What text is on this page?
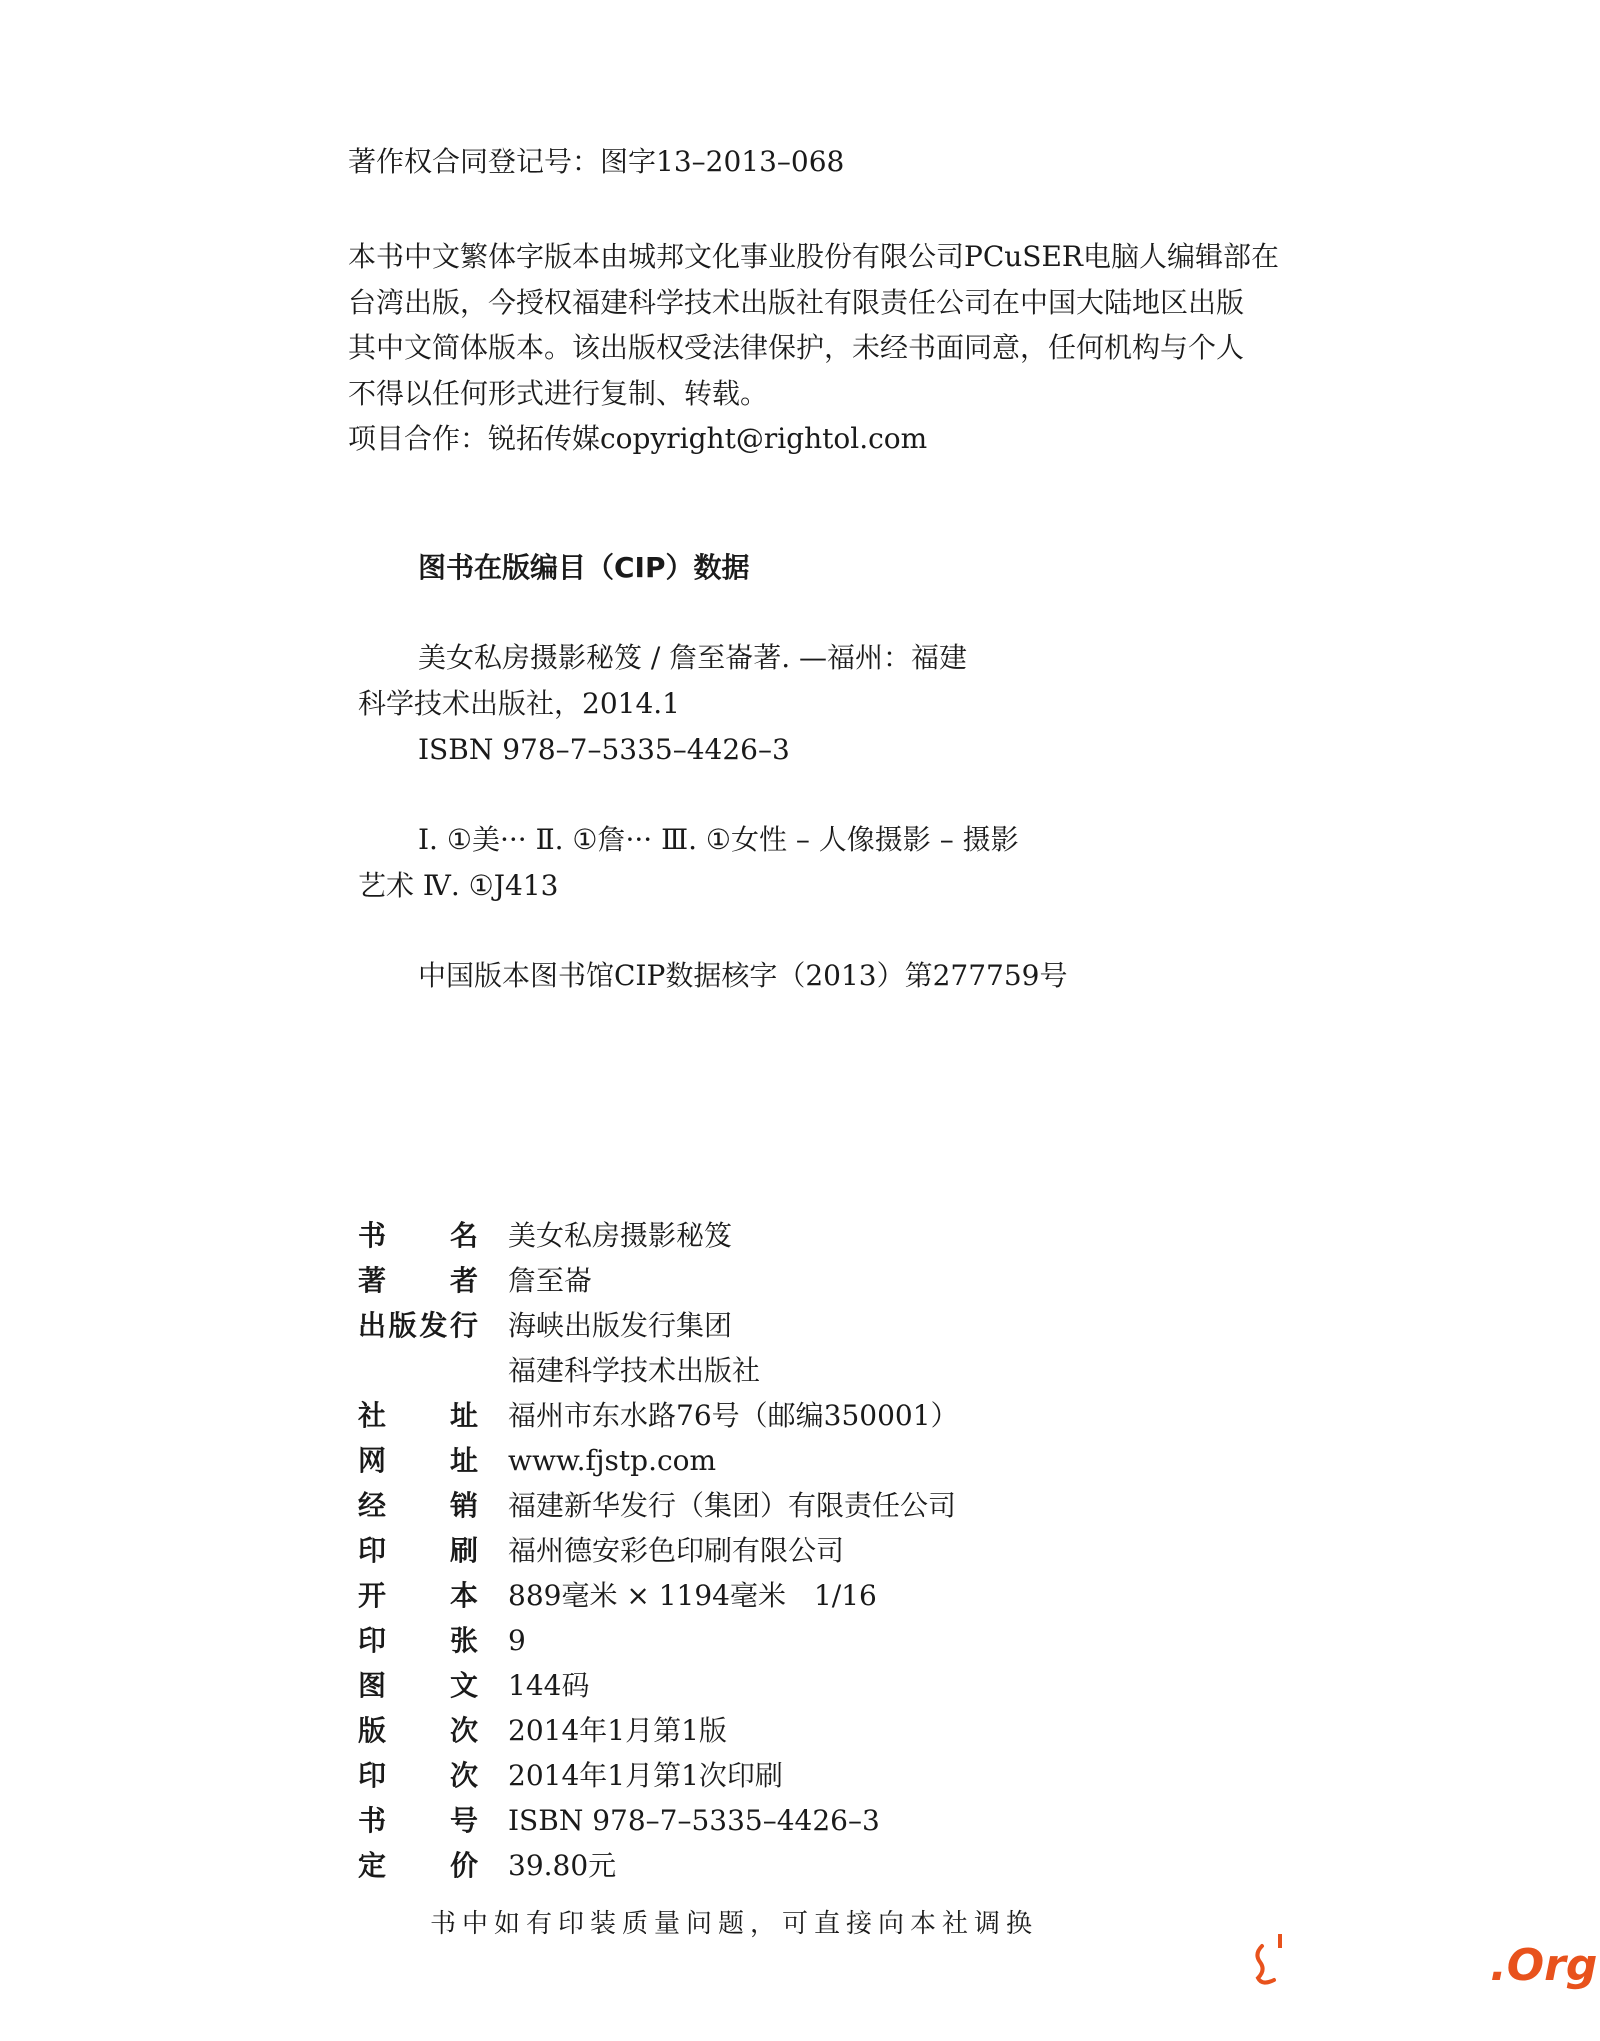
著作权合同登记号：图字13–2013–068
本书中文繁体字版本由城邦文化事业股份有限公司PCuSER电脑人编辑部在
台湾出版，今授权福建科学技术出版社有限责任公司在中国大陆地区出版
其中文简体版本。该出版权受法律保护，未经书面同意，任何机构与个人
不得以任何形式进行复制、转载。
项目合作：锐拓传媒copyright@rightol.com
图书在版编目（CIP）数据
美女私房摄影秘笈 / 詹至崙著. —福州：福建
科学技术出版社，2014.1
ISBN 978–7–5335–4426–3
Ⅰ. ①美··· Ⅱ. ①詹··· Ⅲ. ①女性 – 人像摄影 – 摄影
艺术 Ⅳ. ①J413
中国版本图书馆CIP数据核字（2013）第277759号
书名 美女私房摄影秘笈
著者 詹至崙
出版发行 海峡出版发行集团
福建科学技术出版社
社址 福州市东水路76号（邮编350001）
网址 www.fjstp.com
经销 福建新华发行（集团）有限责任公司
印刷 福州德安彩色印刷有限公司
开本 889毫米 × 1194毫米　1/16
印张 9
图文 144码
版次 2014年1月第1版
印次 2014年1月第1次印刷
书号 ISBN 978–7–5335–4426–3
定价 39.80元
书中如有印装质量问题，可直接向本社调换
.Org
